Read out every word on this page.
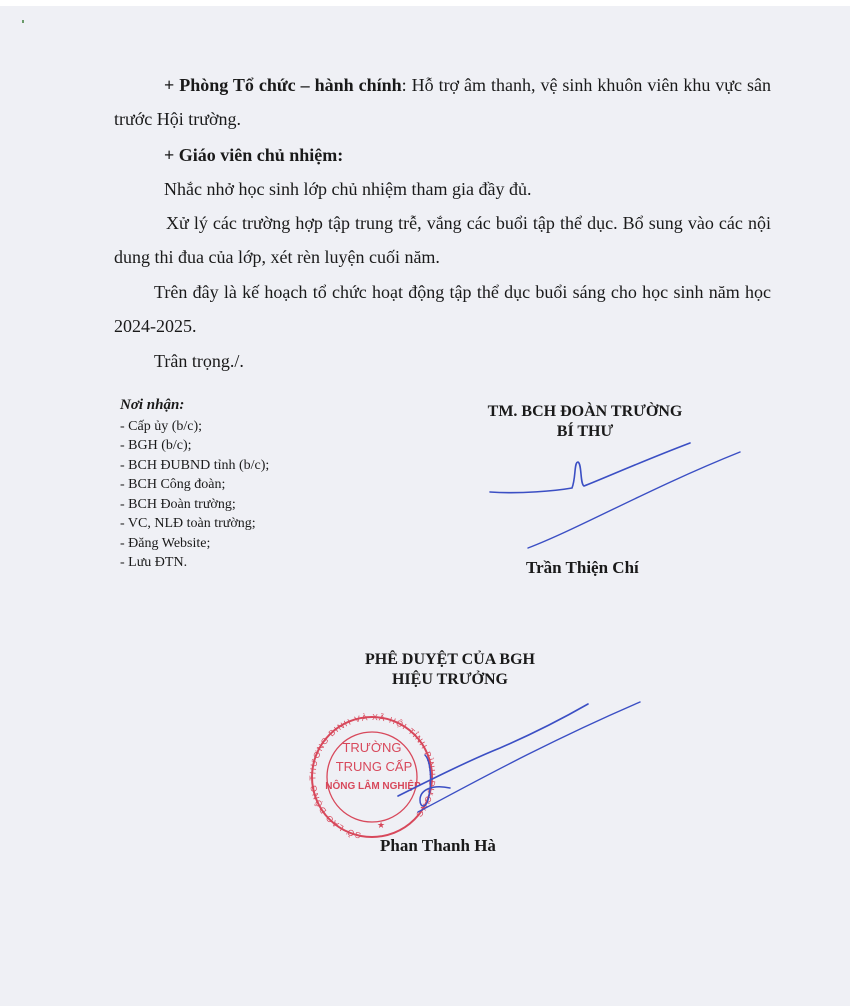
+ Phòng Tổ chức – hành chính: Hỗ trợ âm thanh, vệ sinh khuôn viên khu vực sân trước Hội trường.

+ Giáo viên chủ nhiệm:

Nhắc nhở học sinh lớp chủ nhiệm tham gia đầy đủ.

Xử lý các trường hợp tập trung trễ, vắng các buổi tập thể dục. Bổ sung vào các nội dung thi đua của lớp, xét rèn luyện cuối năm.

Trên đây là kế hoạch tổ chức hoạt động tập thể dục buổi sáng cho học sinh năm học 2024-2025.

Trân trọng./.

Nơi nhận:
- Cấp ủy (b/c);
- BGH (b/c);
- BCH ĐUBND tỉnh (b/c);
- BCH Công đoàn;
- BCH Đoàn trường;
- VC, NLĐ toàn trường;
- Đăng Website;
- Lưu ĐTN.
TM. BCH ĐOÀN TRƯỜNG
BÍ THƯ
Trần Thiện Chí
PHÊ DUYỆT CỦA BGH
HIỆU TRƯỞNG
SỞ LAO ĐỘNG THƯƠNG BINH VÀ XÃ HỘI TỈNH BÌNH DƯƠNG
TRƯỜNG
TRUNG CẤP
NÔNG LÂM NGHIỆP
★
Phan Thanh Hà
